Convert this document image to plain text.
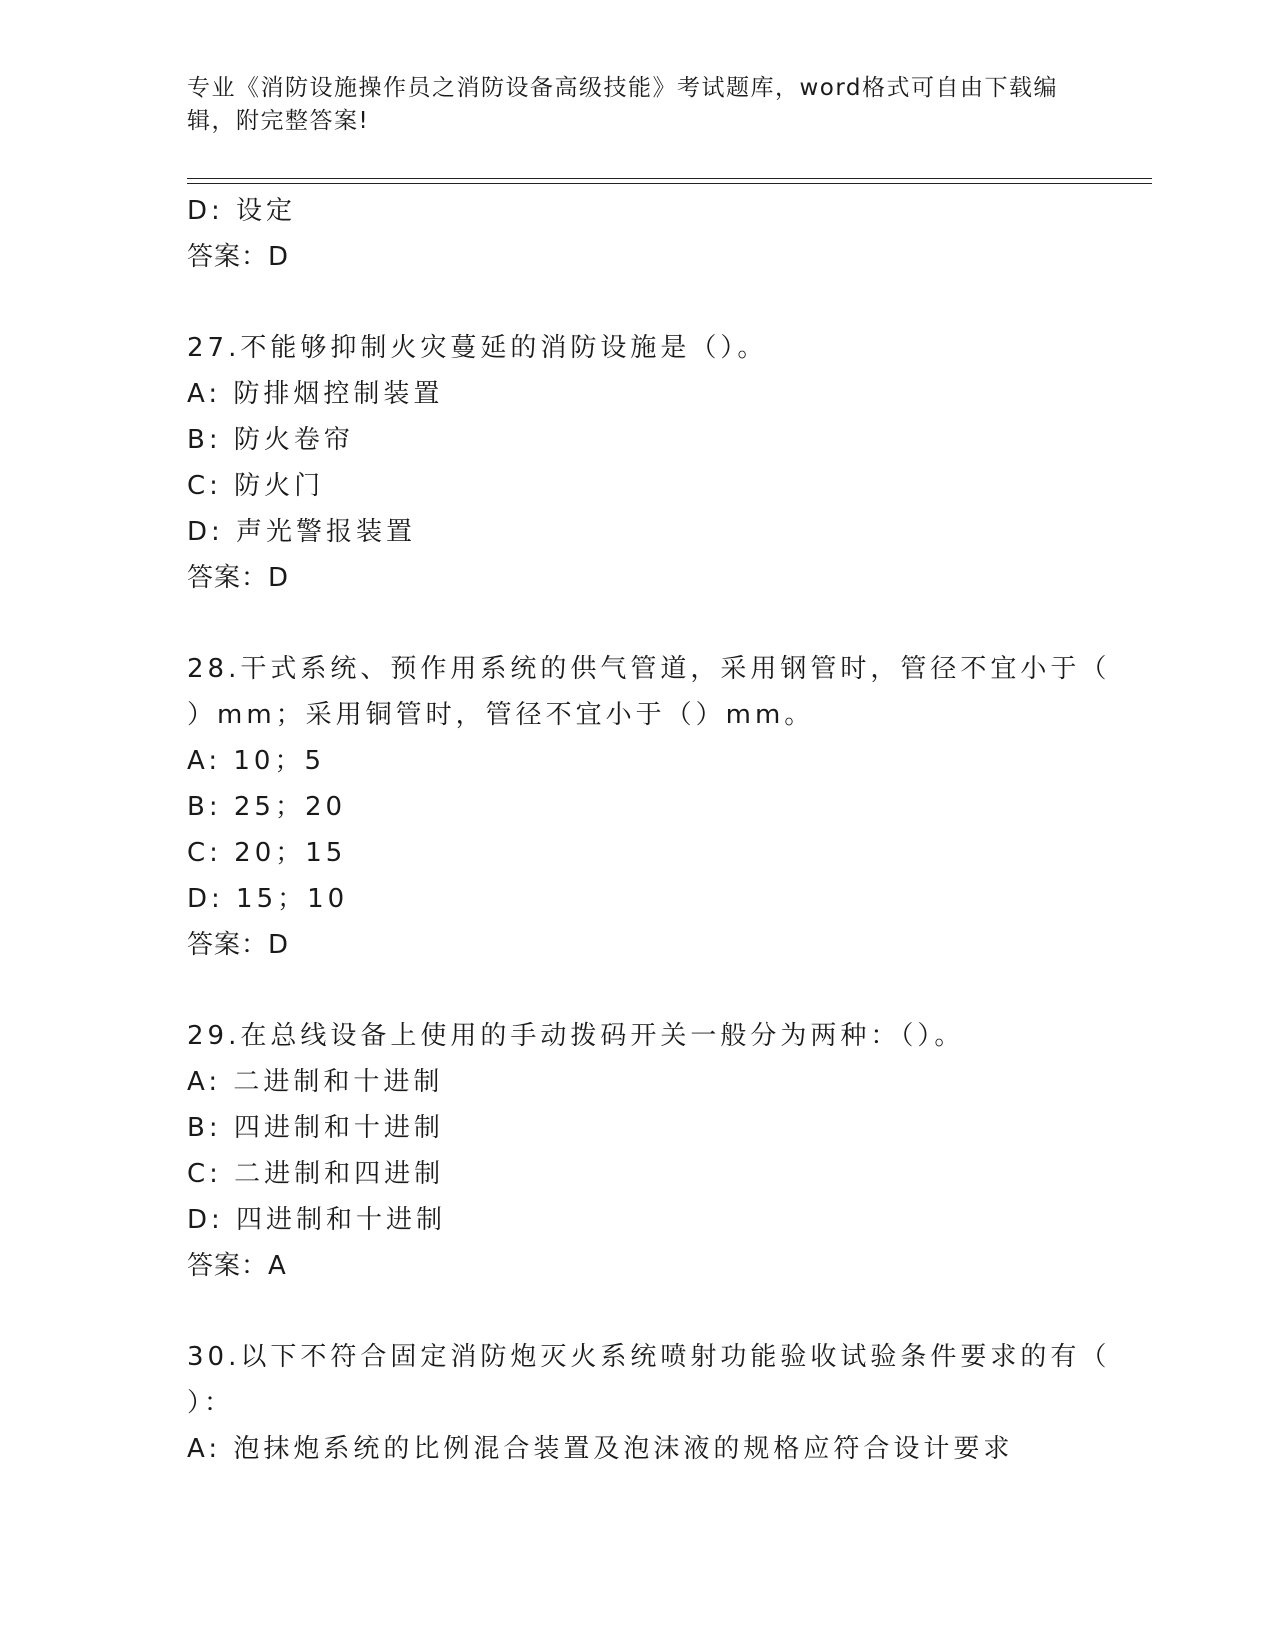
专业《消防设施操作员之消防设备高级技能》考试题库，word格式可自由下载编辑，附完整答案!
D: 设定
答案：D
27.不能够抑制火灾蔓延的消防设施是（）。
A: 防排烟控制装置
B: 防火卷帘
C: 防火门
D: 声光警报装置
答案：D
28.干式系统、预作用系统的供气管道，采用钢管时，管径不宜小于（
）mm；采用铜管时，管径不宜小于（）mm。
A: 10；5
B: 25；20
C: 20；15
D: 15；10
答案：D
29.在总线设备上使用的手动拨码开关一般分为两种：（）。
A: 二进制和十进制
B: 四进制和十进制
C: 二进制和四进制
D: 四进制和十进制
答案：A
30.以下不符合固定消防炮灭火系统喷射功能验收试验条件要求的有（
）：
A: 泡抹炮系统的比例混合装置及泡沫液的规格应符合设计要求
